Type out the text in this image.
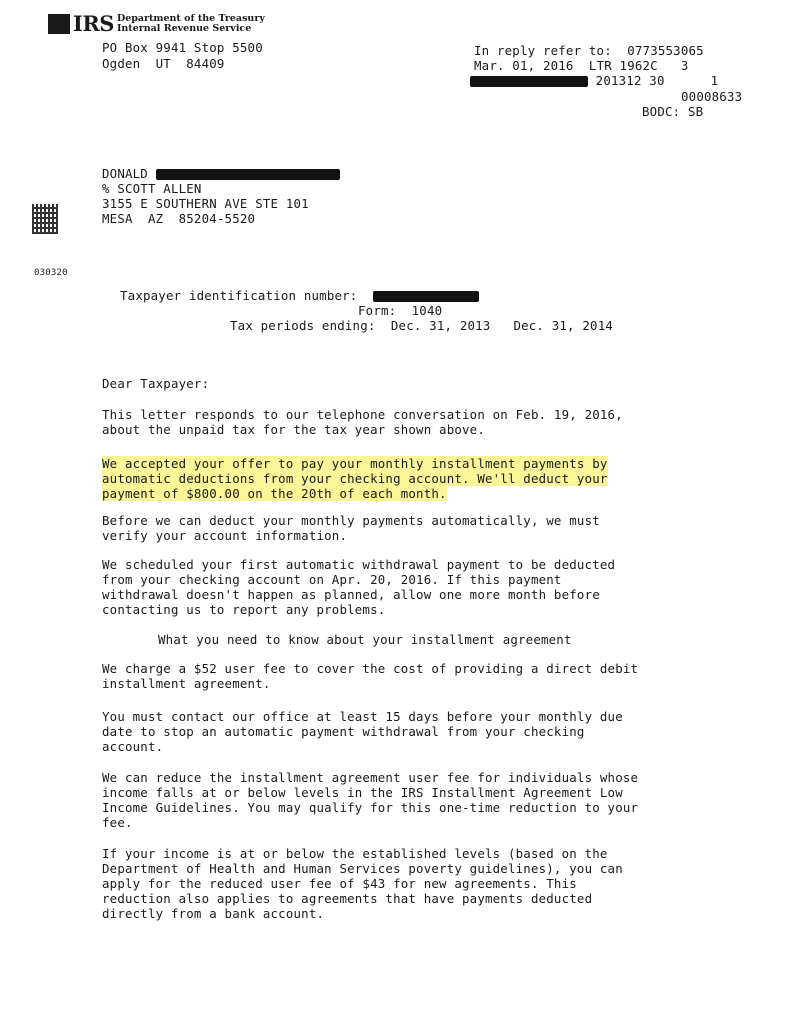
IRS Department of the Treasury
Internal Revenue Service
PO Box 9941 Stop 5500
Ogden  UT  84409
In reply refer to: 0773553065
Mar. 01, 2016 LTR 1962C 3
201312 30	1
00008633
BODC: SB
DONALD
% SCOTT ALLEN
3155 E SOUTHERN AVE STE 101
MESA  AZ  85204-5520
030320
Taxpayer identification number:
Form: 1040
Tax periods ending: Dec. 31, 2013 Dec. 31, 2014
Dear Taxpayer:
This letter responds to our telephone conversation on Feb. 19, 2016,
about the unpaid tax for the tax year shown above.
We accepted your offer to pay your monthly installment payments by
automatic deductions from your checking account. We'll deduct your
payment of $800.00 on the 20th of each month.
Before we can deduct your monthly payments automatically, we must
verify your account information.
We scheduled your first automatic withdrawal payment to be deducted
from your checking account on Apr. 20, 2016. If this payment
withdrawal doesn't happen as planned, allow one more month before
contacting us to report any problems.
What you need to know about your installment agreement
We charge a $52 user fee to cover the cost of providing a direct debit
installment agreement.
You must contact our office at least 15 days before your monthly due
date to stop an automatic payment withdrawal from your checking
account.
We can reduce the installment agreement user fee for individuals whose
income falls at or below levels in the IRS Installment Agreement Low
Income Guidelines. You may qualify for this one-time reduction to your
fee.
If your income is at or below the established levels (based on the
Department of Health and Human Services poverty guidelines), you can
apply for the reduced user fee of $43 for new agreements. This
reduction also applies to agreements that have payments deducted
directly from a bank account.
